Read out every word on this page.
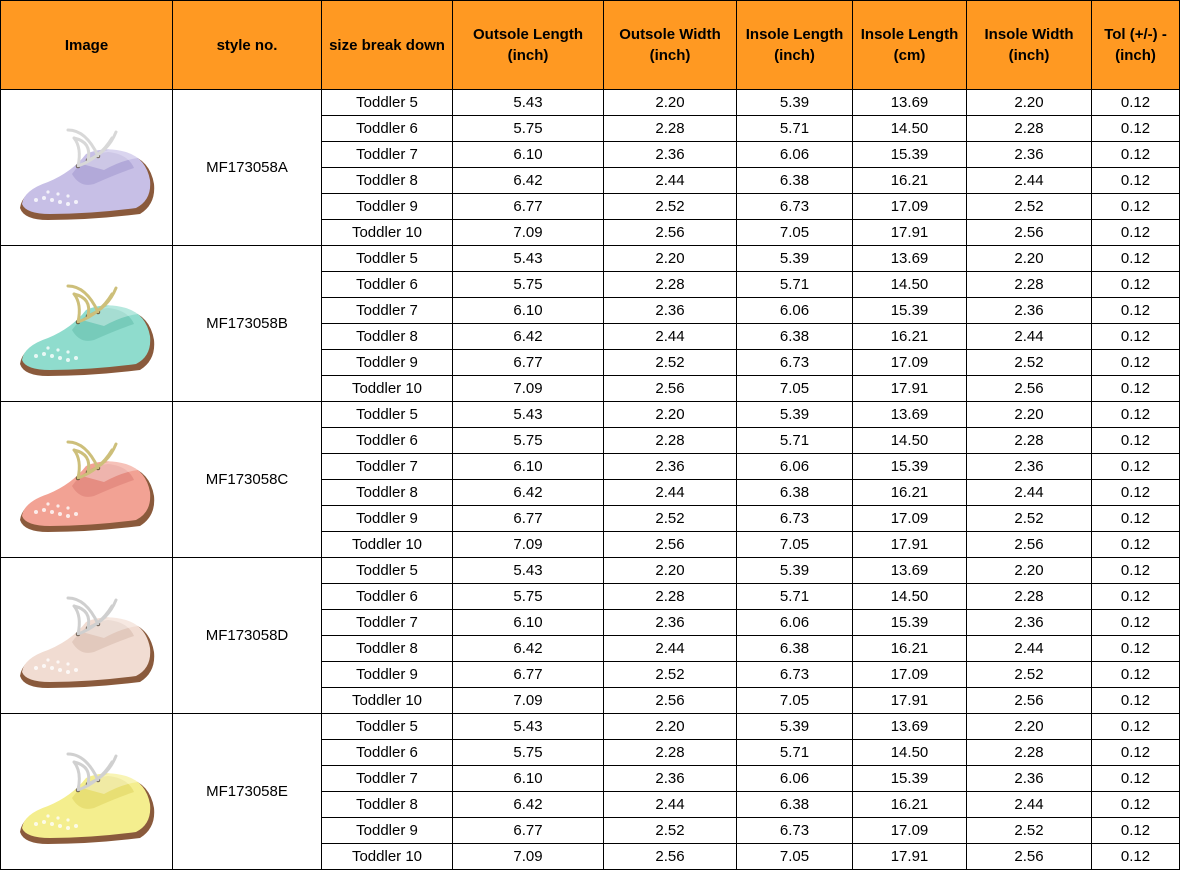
Image	style no.	size break down	Outsole Length (inch)	Outsole Width (inch)	Insole Length (inch)	Insole Length (cm)	Insole Width (inch)	Tol (+/-) - (inch)

	MF173058A	Toddler 5	5.43	2.20	5.39	13.69	2.20	0.12
		Toddler 6	5.75	2.28	5.71	14.50	2.28	0.12
		Toddler 7	6.10	2.36	6.06	15.39	2.36	0.12
		Toddler 8	6.42	2.44	6.38	16.21	2.44	0.12
		Toddler 9	6.77	2.52	6.73	17.09	2.52	0.12
		Toddler 10	7.09	2.56	7.05	17.91	2.56	0.12

	MF173058B	Toddler 5	5.43	2.20	5.39	13.69	2.20	0.12
		Toddler 6	5.75	2.28	5.71	14.50	2.28	0.12
		Toddler 7	6.10	2.36	6.06	15.39	2.36	0.12
		Toddler 8	6.42	2.44	6.38	16.21	2.44	0.12
		Toddler 9	6.77	2.52	6.73	17.09	2.52	0.12
		Toddler 10	7.09	2.56	7.05	17.91	2.56	0.12

	MF173058C	Toddler 5	5.43	2.20	5.39	13.69	2.20	0.12
		Toddler 6	5.75	2.28	5.71	14.50	2.28	0.12
		Toddler 7	6.10	2.36	6.06	15.39	2.36	0.12
		Toddler 8	6.42	2.44	6.38	16.21	2.44	0.12
		Toddler 9	6.77	2.52	6.73	17.09	2.52	0.12
		Toddler 10	7.09	2.56	7.05	17.91	2.56	0.12

	MF173058D	Toddler 5	5.43	2.20	5.39	13.69	2.20	0.12
		Toddler 6	5.75	2.28	5.71	14.50	2.28	0.12
		Toddler 7	6.10	2.36	6.06	15.39	2.36	0.12
		Toddler 8	6.42	2.44	6.38	16.21	2.44	0.12
		Toddler 9	6.77	2.52	6.73	17.09	2.52	0.12
		Toddler 10	7.09	2.56	7.05	17.91	2.56	0.12

	MF173058E	Toddler 5	5.43	2.20	5.39	13.69	2.20	0.12
		Toddler 6	5.75	2.28	5.71	14.50	2.28	0.12
		Toddler 7	6.10	2.36	6.06	15.39	2.36	0.12
		Toddler 8	6.42	2.44	6.38	16.21	2.44	0.12
		Toddler 9	6.77	2.52	6.73	17.09	2.52	0.12
		Toddler 10	7.09	2.56	7.05	17.91	2.56	0.12
